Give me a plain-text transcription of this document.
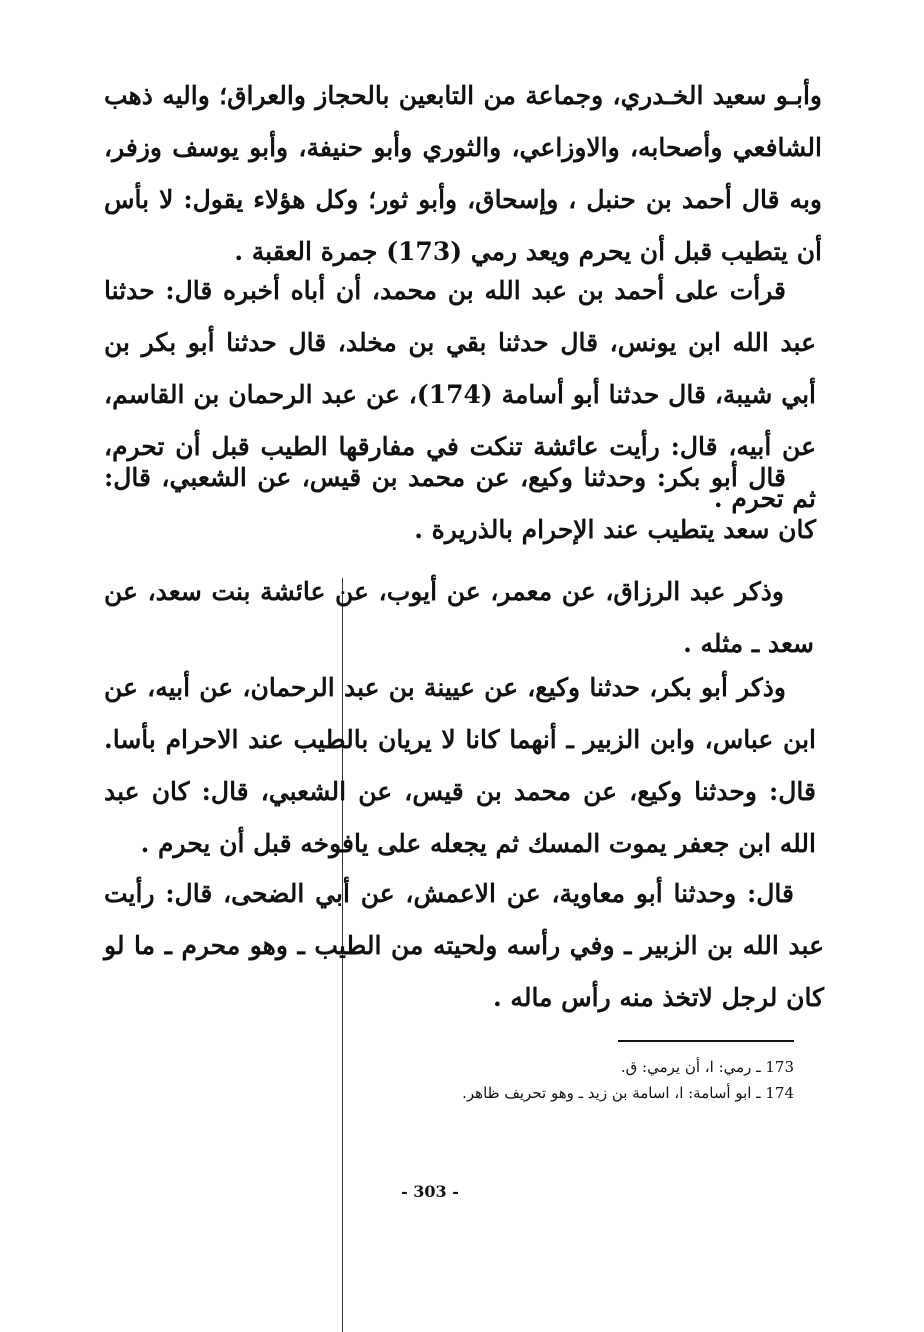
وأبـو سعيد الخـدري، وجماعة من التابعين بالحجاز والعراق؛ واليه ذهب الشافعي وأصحابه، والاوزاعي، والثوري وأبو حنيفة، وأبو يوسف وزفر، وبه قال أحمد بن حنبل ، وإسحاق، وأبو ثور؛ وكل هؤلاء يقول: لا بأس أن يتطيب قبل أن يحرم ويعد رمي (173) جمرة العقبة .

قرأت على أحمد بن عبد الله بن محمد، أن أباه أخبره قال: حدثنا عبد الله ابن يونس، قال حدثنا بقي بن مخلد، قال حدثنا أبو بكر بن أبي شيبة، قال حدثنا أبو أسامة (174)، عن عبد الرحمان بن القاسم، عن أبيه، قال: رأيت عائشة تنكت في مفارقها الطيب قبل أن تحرم، ثم تحرم .

قال أبو بكر: وحدثنا وكيع، عن محمد بن قيس، عن الشعبي، قال: كان سعد يتطيب عند الإحرام بالذريرة .

وذكر عبد الرزاق، عن معمر، عن أيوب، عن عائشة بنت سعد، عن سعد ـ مثله .

وذكر أبو بكر، حدثنا وكيع، عن عيينة بن عبد الرحمان، عن أبيه، عن ابن عباس، وابن الزبير ـ أنهما كانا لا يريان بالطيب عند الاحرام بأسا. قال: وحدثنا وكيع، عن محمد بن قيس، عن الشعبي، قال: كان عبد الله ابن جعفر يموت المسك ثم يجعله على يافوخه قبل أن يحرم .

قال: وحدثنا أبو معاوية، عن الاعمش، عن أبي الضحى، قال: رأيت عبد الله بن الزبير ـ وفي رأسه ولحيته من الطيب ـ وهو محرم ـ ما لو كان لرجل لاتخذ منه رأس ماله .

173 ـ رمي: ا، أن يرمي: ق.
174 ـ ابو أسامة: ا، اسامة بن زيد ـ وهو تحريف ظاهر.
- 303 -
